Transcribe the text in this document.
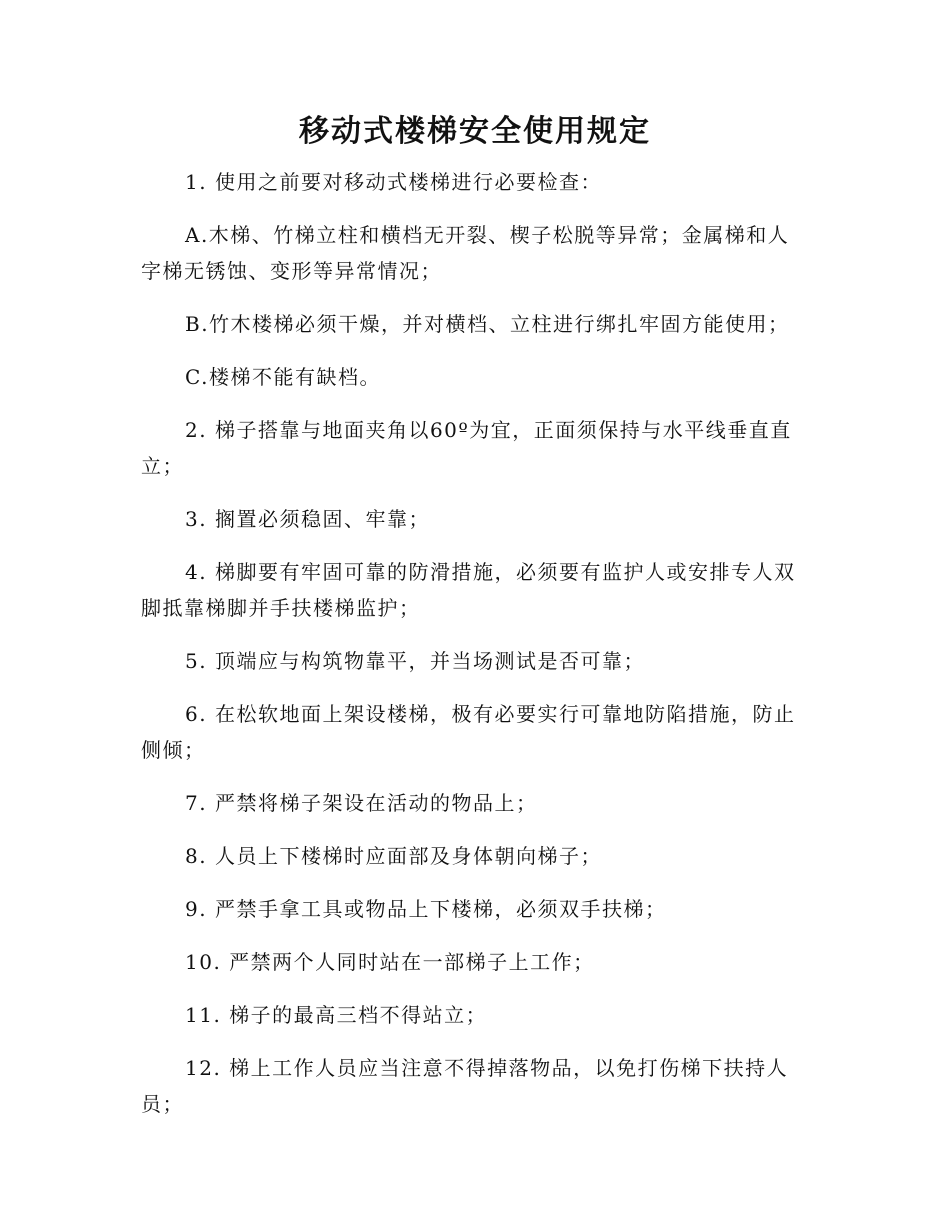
移动式楼梯安全使用规定

1. 使用之前要对移动式楼梯进行必要检查：

A.木梯、竹梯立柱和横档无开裂、楔子松脱等异常；金属梯和人字梯无锈蚀、变形等异常情况；

B.竹木楼梯必须干燥，并对横档、立柱进行绑扎牢固方能使用；

C.楼梯不能有缺档。

2. 梯子搭靠与地面夹角以60º为宜，正面须保持与水平线垂直直立；

3. 搁置必须稳固、牢靠；

4. 梯脚要有牢固可靠的防滑措施，必须要有监护人或安排专人双脚抵靠梯脚并手扶楼梯监护；

5. 顶端应与构筑物靠平，并当场测试是否可靠；

6. 在松软地面上架设楼梯，极有必要实行可靠地防陷措施，防止侧倾；

7. 严禁将梯子架设在活动的物品上；

8. 人员上下楼梯时应面部及身体朝向梯子；

9. 严禁手拿工具或物品上下楼梯，必须双手扶梯；

10. 严禁两个人同时站在一部梯子上工作；

11. 梯子的最高三档不得站立；

12. 梯上工作人员应当注意不得掉落物品，以免打伤梯下扶持人员；
